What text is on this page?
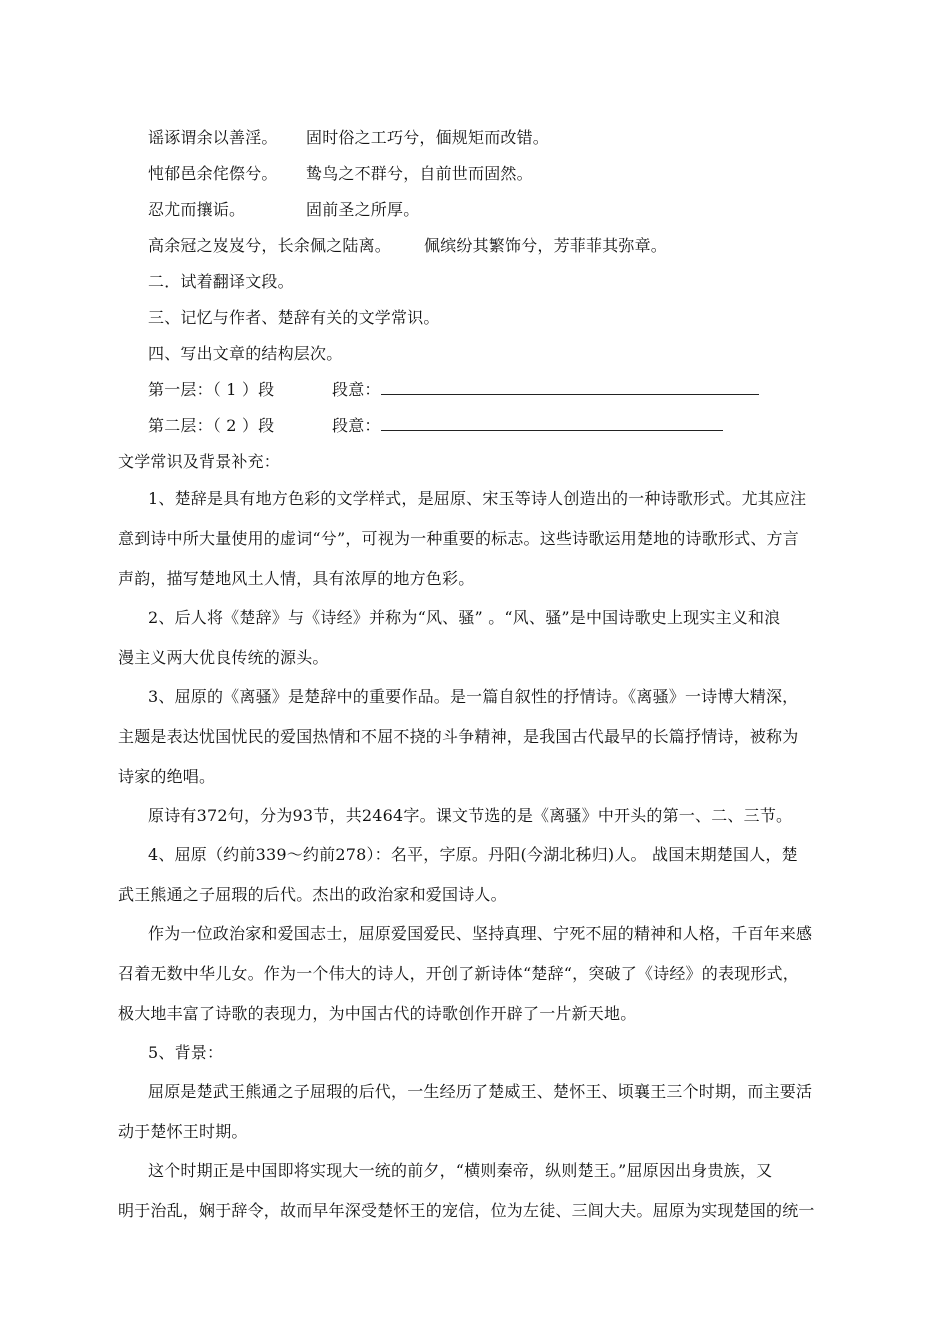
谣诼谓余以善淫。 固时俗之工巧兮，偭规矩而改错。
忳郁邑余侘傺兮。 鸷鸟之不群兮，自前世而固然。
忍尤而攘诟。	固前圣之所厚。
高余冠之岌岌兮，长余佩之陆离。 佩缤纷其繁饰兮，芳菲菲其弥章。
二．试着翻译文段。
三、记忆与作者、楚辞有关的文学常识。
四、写出文章的结构层次。
第一层：（ 1 ）段	段意：
第二层：（ 2 ）段	段意：
文学常识及背景补充：
1、楚辞是具有地方色彩的文学样式，是屈原、宋玉等诗人创造出的一种诗歌形式。尤其应注
意到诗中所大量使用的虚词“兮”，可视为一种重要的标志。这些诗歌运用楚地的诗歌形式、方言
声韵，描写楚地风土人情，具有浓厚的地方色彩。
2、后人将《楚辞》与《诗经》并称为“风、骚” 。“风、骚”是中国诗歌史上现实主义和浪
漫主义两大优良传统的源头。
3、屈原的《离骚》是楚辞中的重要作品。是一篇自叙性的抒情诗。《离骚》一诗博大精深，
主题是表达忧国忧民的爱国热情和不屈不挠的斗争精神，是我国古代最早的长篇抒情诗，被称为
诗家的绝唱。
原诗有372句，分为93节，共2464字。课文节选的是《离骚》中开头的第一、二、三节。
4、屈原（约前339～约前278）：名平，字原。丹阳(今湖北秭归)人。 战国末期楚国人，楚
武王熊通之子屈瑕的后代。杰出的政治家和爱国诗人。
作为一位政治家和爱国志士，屈原爱国爱民、坚持真理、宁死不屈的精神和人格，千百年来感
召着无数中华儿女。作为一个伟大的诗人，开创了新诗体“楚辞“，突破了《诗经》的表现形式，
极大地丰富了诗歌的表现力，为中国古代的诗歌创作开辟了一片新天地。
5、背景：
屈原是楚武王熊通之子屈瑕的后代，一生经历了楚威王、楚怀王、顷襄王三个时期，而主要活
动于楚怀王时期。
这个时期正是中国即将实现大一统的前夕，“横则秦帝，纵则楚王。”屈原因出身贵族，又
明于治乱，娴于辞令，故而早年深受楚怀王的宠信，位为左徒、三闾大夫。屈原为实现楚国的统一
